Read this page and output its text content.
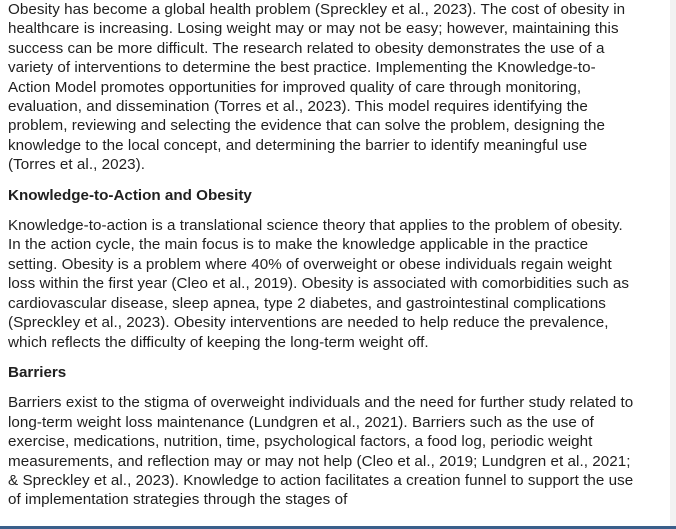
Obesity has become a global health problem (Spreckley et al., 2023). The cost of obesity in healthcare is increasing. Losing weight may or may not be easy; however, maintaining this success can be more difficult. The research related to obesity demonstrates the use of a variety of interventions to determine the best practice. Implementing the Knowledge-to-Action Model promotes opportunities for improved quality of care through monitoring, evaluation, and dissemination (Torres et al., 2023). This model requires identifying the problem, reviewing and selecting the evidence that can solve the problem, designing the knowledge to the local concept, and determining the barrier to identify meaningful use (Torres et al., 2023).

Knowledge-to-Action and Obesity

Knowledge-to-action is a translational science theory that applies to the problem of obesity. In the action cycle, the main focus is to make the knowledge applicable in the practice setting. Obesity is a problem where 40% of overweight or obese individuals regain weight loss within the first year (Cleo et al., 2019). Obesity is associated with comorbidities such as cardiovascular disease, sleep apnea, type 2 diabetes, and gastrointestinal complications (Spreckley et al., 2023). Obesity interventions are needed to help reduce the prevalence, which reflects the difficulty of keeping the long-term weight off.

Barriers

Barriers exist to the stigma of overweight individuals and the need for further study related to long-term weight loss maintenance (Lundgren et al., 2021). Barriers such as the use of exercise, medications, nutrition, time, psychological factors, a food log, periodic weight measurements, and reflection may or may not help (Cleo et al., 2019; Lundgren et al., 2021; & Spreckley et al., 2023). Knowledge to action facilitates a creation funnel to support the use of implementation strategies through the stages of
